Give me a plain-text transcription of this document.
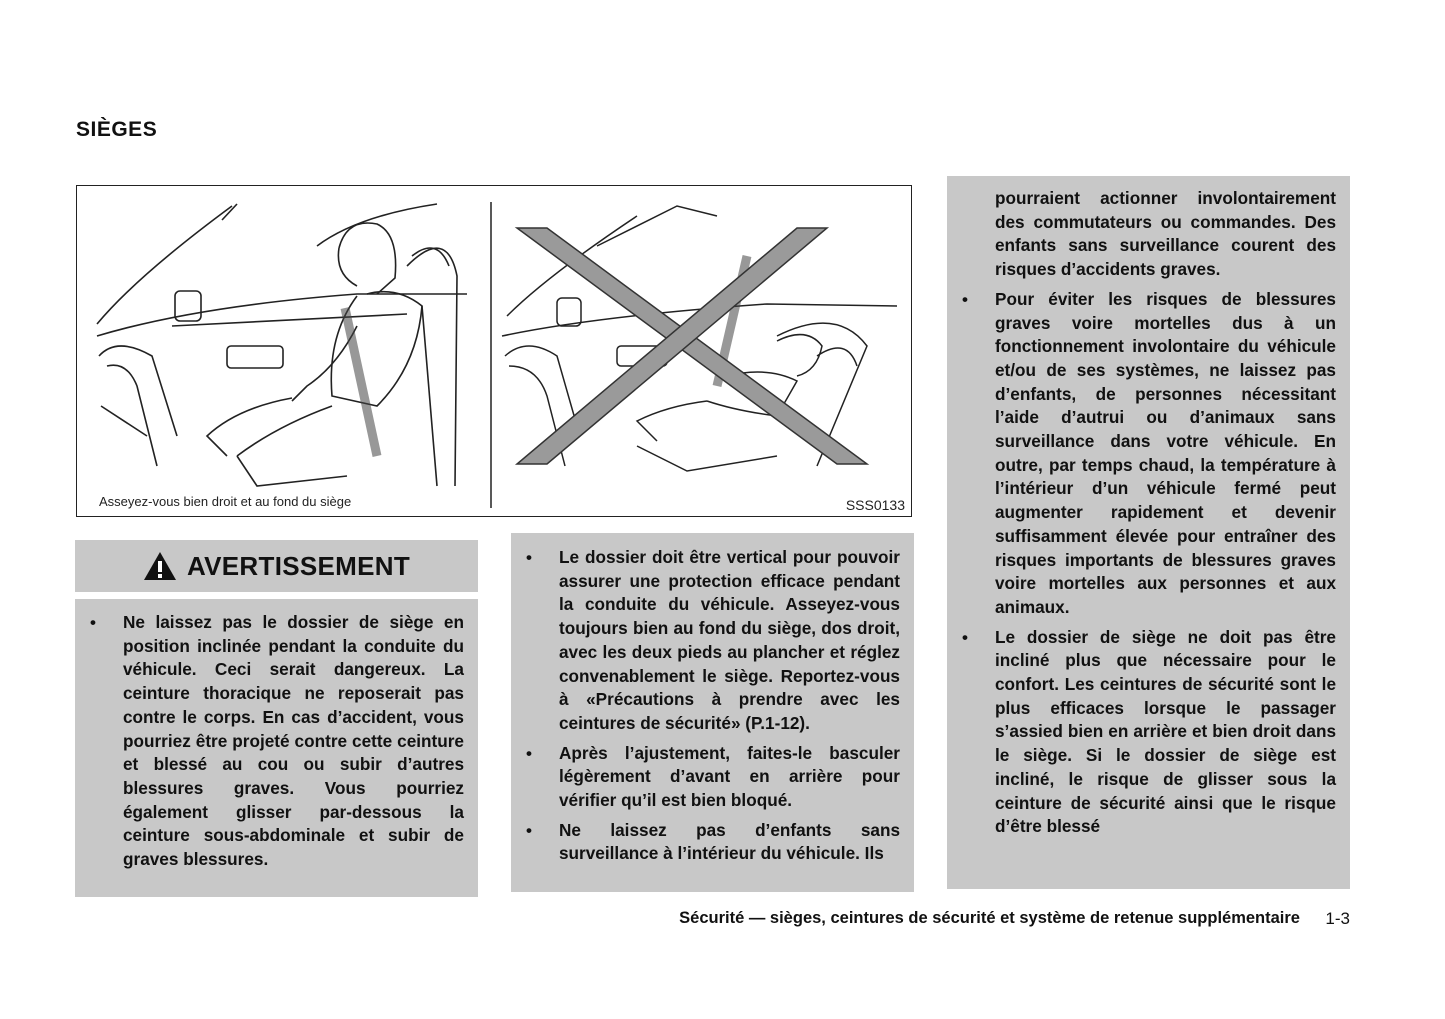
SIÈGES
Asseyez-vous bien droit et au fond du siège	SSS0133
AVERTISSEMENT

•	Ne laissez pas le dossier de siège en position inclinée pendant la conduite du véhicule. Ceci serait dangereux. La ceinture thoracique ne reposerait pas contre le corps. En cas d’accident, vous pourriez être projeté contre cette ceinture et blessé au cou ou subir d’autres blessures graves. Vous pourriez également glisser par-dessous la ceinture sous-abdominale et subir de graves blessures.

•	Le dossier doit être vertical pour pouvoir assurer une protection efficace pendant la conduite du véhicule. Asseyez-vous toujours bien au fond du siège, dos droit, avec les deux pieds au plancher et réglez convenablement le siège. Reportez-vous à «Précautions à prendre avec les ceintures de sécurité» (P.1-12).

•	Après l’ajustement, faites-le basculer légèrement d’avant en arrière pour vérifier qu’il est bien bloqué.

•	Ne laissez pas d’enfants sans surveillance à l’intérieur du véhicule. Ils

pourraient actionner involontairement des commutateurs ou commandes. Des enfants sans surveillance courent des risques d’accidents graves.

•	Pour éviter les risques de blessures graves voire mortelles dus à un fonctionnement involontaire du véhicule et/ou de ses systèmes, ne laissez pas d’enfants, de personnes nécessitant l’aide d’autrui ou d’animaux sans surveillance dans votre véhicule. En outre, par temps chaud, la température à l’intérieur d’un véhicule fermé peut augmenter rapidement et devenir suffisamment élevée pour entraîner des risques importants de blessures graves voire mortelles aux personnes et aux animaux.

•	Le dossier de siège ne doit pas être incliné plus que nécessaire pour le confort. Les ceintures de sécurité sont le plus efficaces lorsque le passager s’assied bien en arrière et bien droit dans le siège. Si le dossier de siège est incliné, le risque de glisser sous la ceinture de sécurité ainsi que le risque d’être blessé

Sécurité — sièges, ceintures de sécurité et système de retenue supplémentaire 1-3
